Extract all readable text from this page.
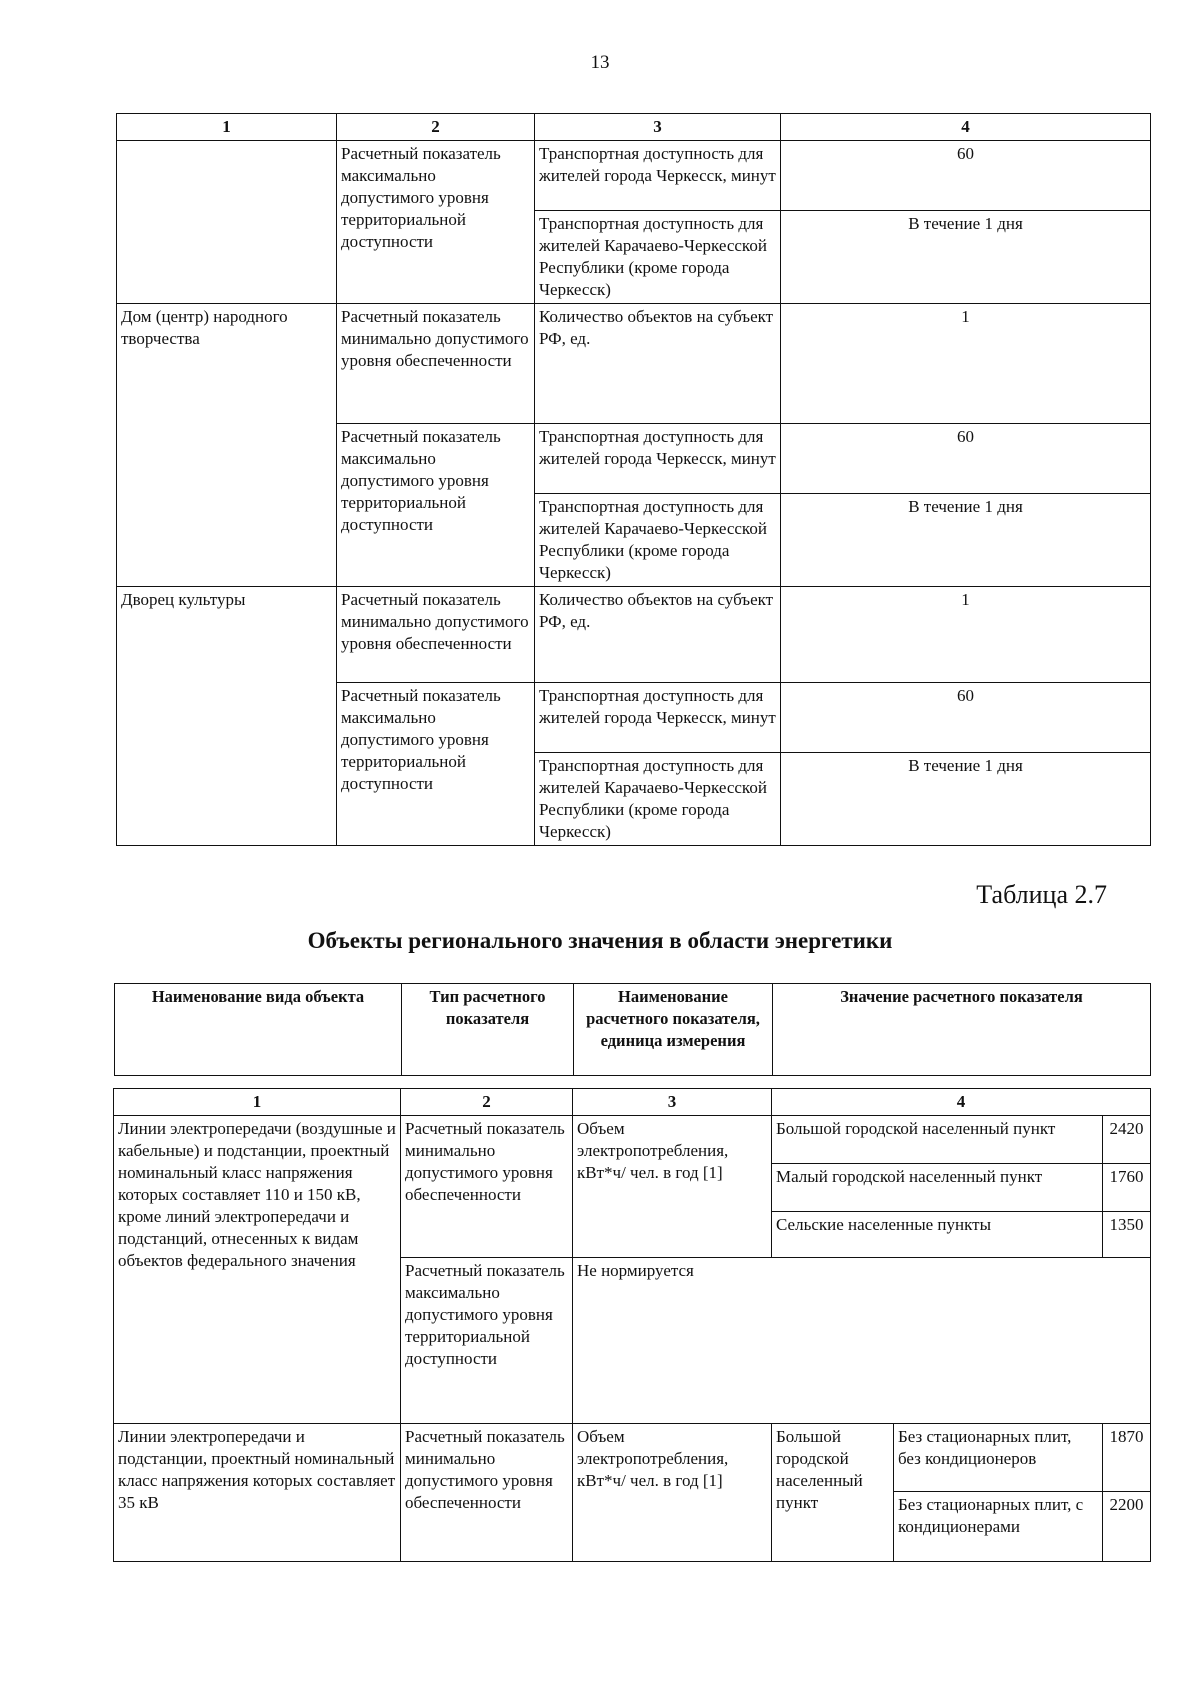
13
1	2	3	4
	Расчетный показатель максимально допустимого уровня территориальной доступности	Транспортная доступность для жителей города Черкесск, минут	60
		Транспортная доступность для жителей Карачаево-Черкесской Республики (кроме города Черкесск)	В течение 1 дня
Дом (центр) народного творчества	Расчетный показатель минимально допустимого уровня обеспеченности	Количество объектов на субъект РФ, ед.	1
	Расчетный показатель максимально допустимого уровня территориальной доступности	Транспортная доступность для жителей города Черкесск, минут	60
		Транспортная доступность для жителей Карачаево-Черкесской Республики (кроме города Черкесск)	В течение 1 дня
Дворец культуры	Расчетный показатель минимально допустимого уровня обеспеченности	Количество объектов на субъект РФ, ед.	1
	Расчетный показатель максимально допустимого уровня территориальной доступности	Транспортная доступность для жителей города Черкесск, минут	60
		Транспортная доступность для жителей Карачаево-Черкесской Республики (кроме города Черкесск)	В течение 1 дня
Таблица 2.7
Объекты регионального значения в области энергетики
Наименование вида объекта	Тип расчетного показателя	Наименование расчетного показателя, единица измерения	Значение расчетного показателя
1	2	3	4		
Линии электропередачи (воздушные и кабельные) и подстанции, проектный номинальный класс напряжения которых составляет 110 и 150 кВ, кроме линий электропередачи и подстанций, отнесенных к видам объектов федерального значения	Расчетный показатель минимально допустимого уровня обеспеченности	Объем электропотребления, кВт*ч/ чел. в год [1]	Большой городской населенный пункт		2420
			Малый городской населенный пункт		1760
			Сельские населенные пункты		1350
	Расчетный показатель максимально допустимого уровня территориальной доступности	Не нормируется			
Линии электропередачи и подстанции, проектный номинальный класс напряжения которых составляет 35 кВ	Расчетный показатель минимально допустимого уровня обеспеченности	Объем электропотребления, кВт*ч/ чел. в год [1]	Большой городской населенный пункт	Без стационарных плит, без кондиционеров	1870
				Без стационарных плит, с кондиционерами	2200
